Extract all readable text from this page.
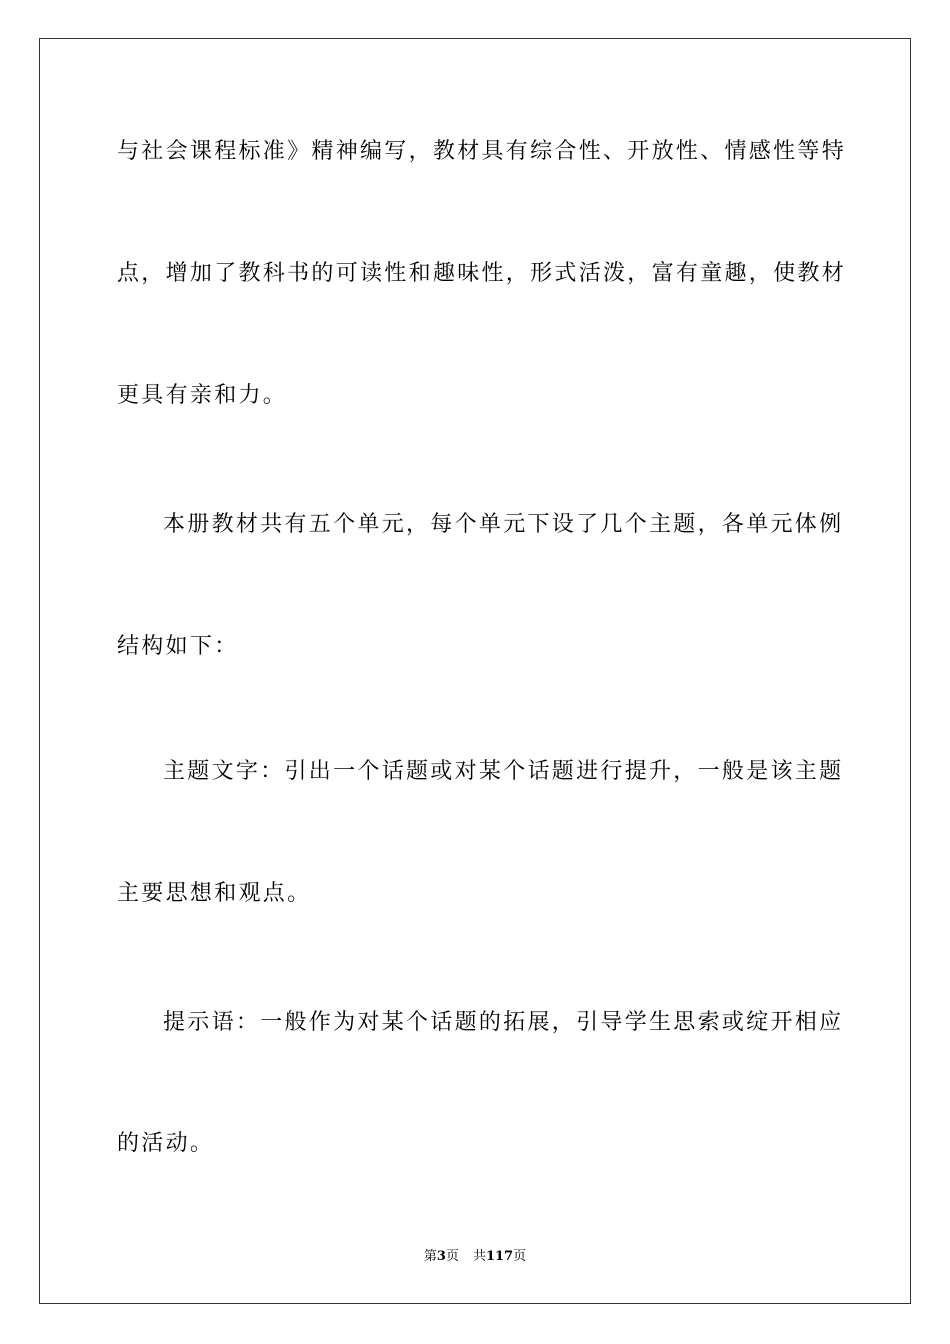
与社会课程标准》精神编写，教材具有综合性、开放性、情感性等特
点，增加了教科书的可读性和趣味性，形式活泼，富有童趣，使教材
更具有亲和力。
本册教材共有五个单元，每个单元下设了几个主题，各单元体例
结构如下：
主题文字：引出一个话题或对某个话题进行提升，一般是该主题
主要思想和观点。
提示语：一般作为对某个话题的拓展，引导学生思索或绽开相应
的活动。
第3页 共117页
